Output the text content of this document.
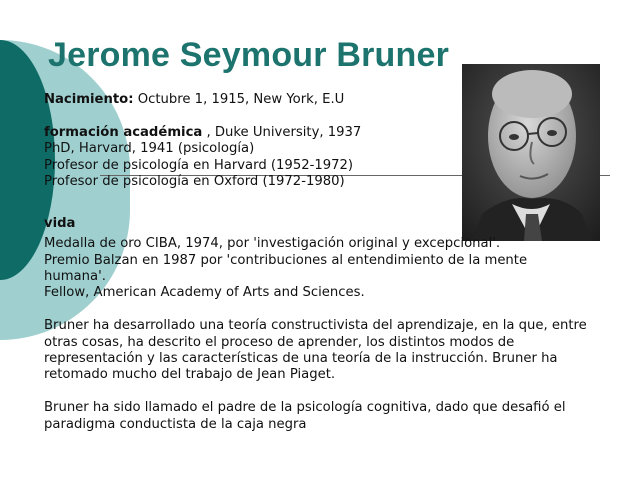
Jerome Seymour Bruner

Nacimiento: Octubre 1, 1915, New York, E.U

formación académica , Duke University, 1937

PhD, Harvard, 1941 (psicología)

Profesor de psicología en Harvard (1952-1972)

Profesor de psicología en Oxford (1972-1980)

vida

Medalla de oro CIBA, 1974, por 'investigación original y excepcional'.

Premio Balzan en 1987 por 'contribuciones al entendimiento de la mente humana'.

Fellow, American Academy of Arts and Sciences.

Bruner ha desarrollado una teoría constructivista del aprendizaje, en la que, entre otras cosas, ha descrito el proceso de aprender, los distintos modos de representación y las características de una teoría de la instrucción. Bruner ha retomado mucho del trabajo de Jean Piaget.

Bruner ha sido llamado el padre de la psicología cognitiva, dado que desafió el paradigma conductista de la caja negra
